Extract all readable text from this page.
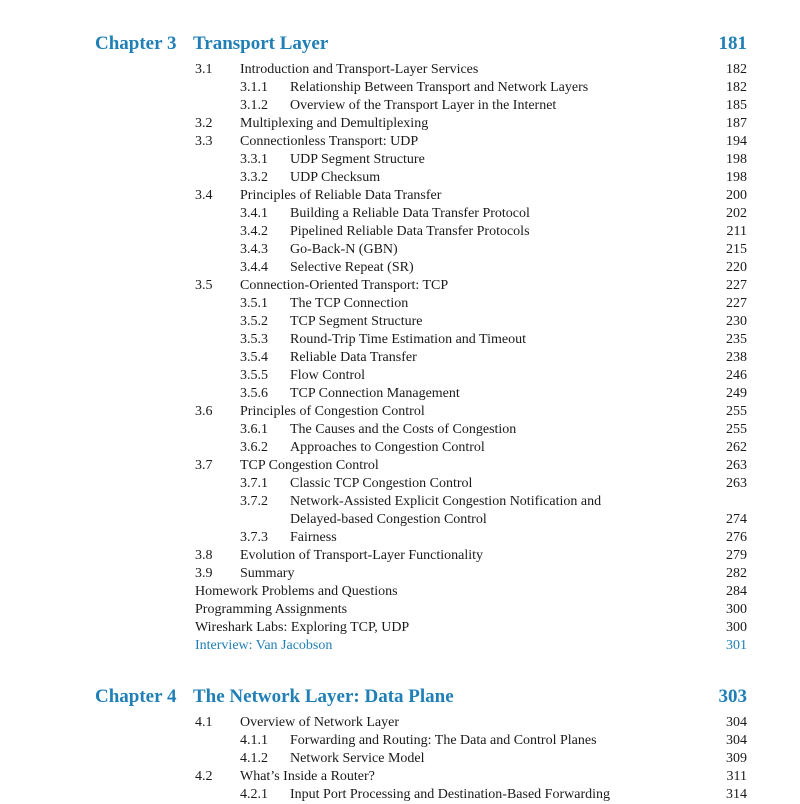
Chapter 3 Transport Layer	181
3.1 Introduction and Transport-Layer Services	182
3.1.1 Relationship Between Transport and Network Layers	182
3.1.2 Overview of the Transport Layer in the Internet	185
3.2 Multiplexing and Demultiplexing	187
3.3 Connectionless Transport: UDP	194
3.3.1 UDP Segment Structure	198
3.3.2 UDP Checksum	198
3.4 Principles of Reliable Data Transfer	200
3.4.1 Building a Reliable Data Transfer Protocol	202
3.4.2 Pipelined Reliable Data Transfer Protocols	211
3.4.3 Go-Back-N (GBN)	215
3.4.4 Selective Repeat (SR)	220
3.5 Connection-Oriented Transport: TCP	227
3.5.1 The TCP Connection	227
3.5.2 TCP Segment Structure	230
3.5.3 Round-Trip Time Estimation and Timeout	235
3.5.4 Reliable Data Transfer	238
3.5.5 Flow Control	246
3.5.6 TCP Connection Management	249
3.6 Principles of Congestion Control	255
3.6.1 The Causes and the Costs of Congestion	255
3.6.2 Approaches to Congestion Control	262
3.7 TCP Congestion Control	263
3.7.1 Classic TCP Congestion Control	263
3.7.2 Network-Assisted Explicit Congestion Notification and
Delayed-based Congestion Control	274
3.7.3 Fairness	276
3.8 Evolution of Transport-Layer Functionality	279
3.9 Summary	282
Homework Problems and Questions	284
Programming Assignments	300
Wireshark Labs: Exploring TCP, UDP	300
Interview: Van Jacobson	301
Chapter 4 The Network Layer: Data Plane	303
4.1 Overview of Network Layer	304
4.1.1 Forwarding and Routing: The Data and Control Planes	304
4.1.2 Network Service Model	309
4.2 What’s Inside a Router?	311
4.2.1 Input Port Processing and Destination-Based Forwarding	314
